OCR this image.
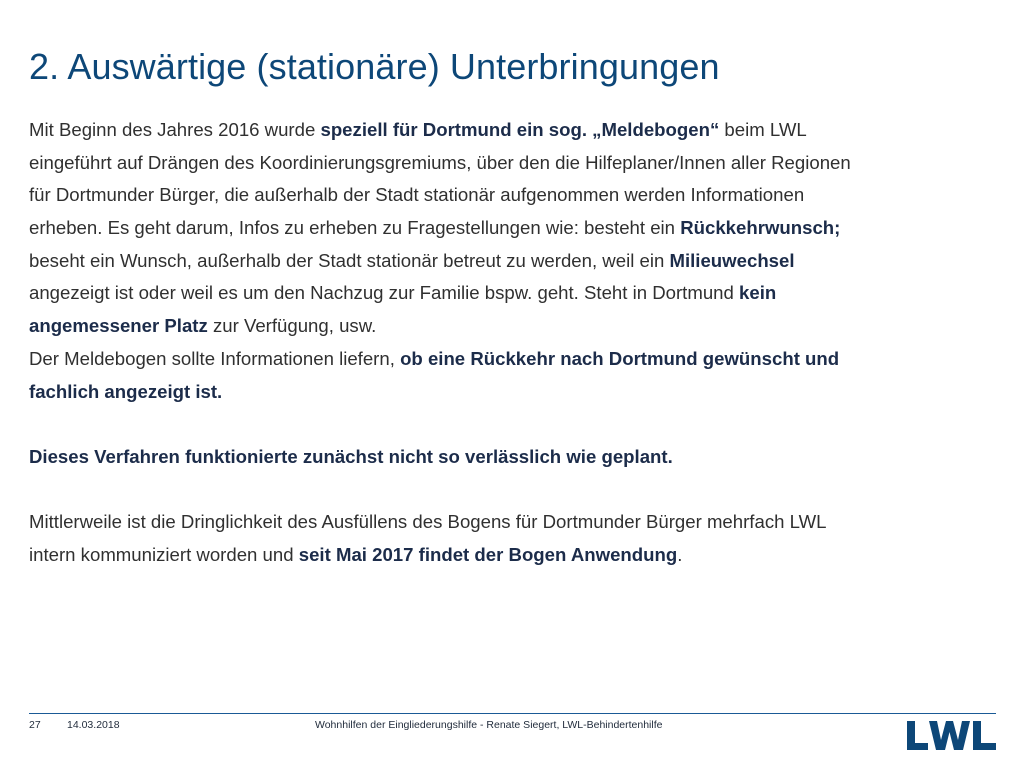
2. Auswärtige (stationäre) Unterbringungen
Mit Beginn des Jahres 2016 wurde speziell für Dortmund ein sog. „Meldebogen“ beim LWL
eingeführt auf Drängen des Koordinierungsgremiums, über den die Hilfeplaner/Innen aller Regionen
für Dortmunder Bürger, die außerhalb der Stadt stationär aufgenommen werden Informationen
erheben. Es geht darum, Infos zu erheben zu Fragestellungen wie: besteht ein Rückkehrwunsch;
beseht ein Wunsch, außerhalb der Stadt stationär betreut zu werden, weil ein Milieuwechsel
angezeigt ist oder weil es um den Nachzug zur Familie bspw. geht. Steht in Dortmund kein
angemessener Platz zur Verfügung, usw.
Der Meldebogen sollte Informationen liefern, ob eine Rückkehr nach Dortmund gewünscht und
fachlich angezeigt ist.
Dieses Verfahren funktionierte zunächst nicht so verlässlich wie geplant.
Mittlerweile ist die Dringlichkeit des Ausfüllens des Bogens für Dortmunder Bürger mehrfach LWL
intern kommuniziert worden und seit Mai 2017 findet der Bogen Anwendung.
27	14.03.2018	Wohnhilfen der Eingliederungshilfe - Renate Siegert, LWL-Behindertenhilfe
